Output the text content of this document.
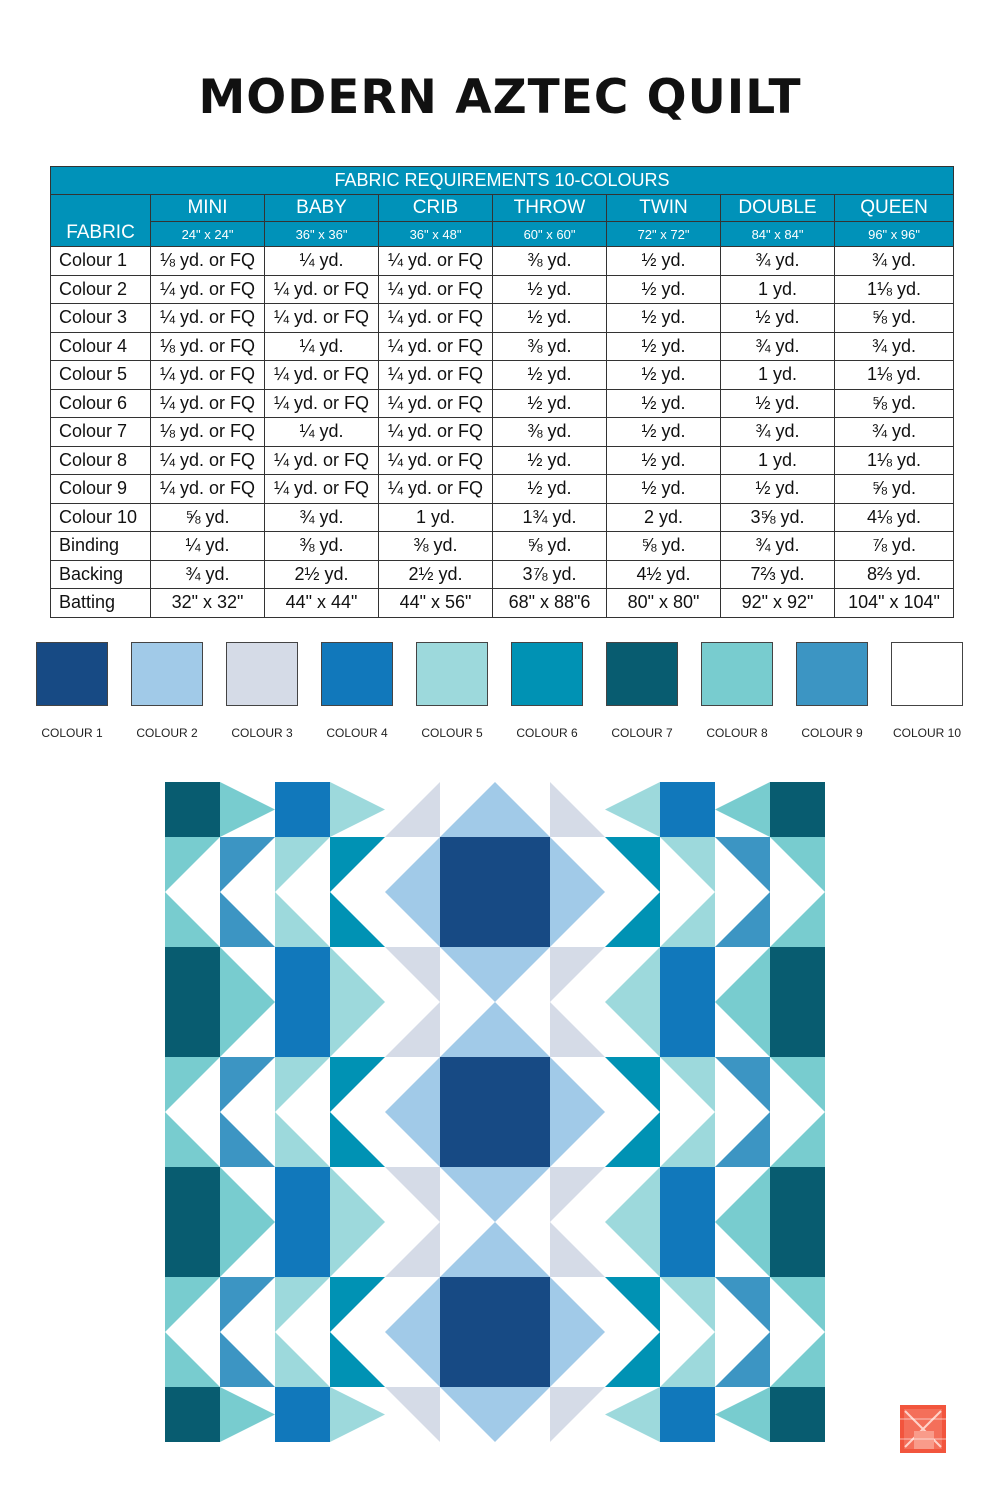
MODERN AZTEC QUILT
FABRIC REQUIREMENTS 10-COLOURS							
FABRIC	MINI	BABY	CRIB	THROW	TWIN	DOUBLE	QUEEN
	24" x 24"	36" x 36"	36" x 48"	60" x 60"	72" x 72"	84" x 84"	96" x 96"
Colour 1	⅛ yd. or FQ	¼ yd.	¼ yd. or FQ	⅜ yd.	½ yd.	¾ yd.	¾ yd.
Colour 2	¼ yd. or FQ	¼ yd. or FQ	¼ yd. or FQ	½ yd.	½ yd.	1 yd.	1⅛ yd.
Colour 3	¼ yd. or FQ	¼ yd. or FQ	¼ yd. or FQ	½ yd.	½ yd.	½ yd.	⅝ yd.
Colour 4	⅛ yd. or FQ	¼ yd.	¼ yd. or FQ	⅜ yd.	½ yd.	¾ yd.	¾ yd.
Colour 5	¼ yd. or FQ	¼ yd. or FQ	¼ yd. or FQ	½ yd.	½ yd.	1 yd.	1⅛ yd.
Colour 6	¼ yd. or FQ	¼ yd. or FQ	¼ yd. or FQ	½ yd.	½ yd.	½ yd.	⅝ yd.
Colour 7	⅛ yd. or FQ	¼ yd.	¼ yd. or FQ	⅜ yd.	½ yd.	¾ yd.	¾ yd.
Colour 8	¼ yd. or FQ	¼ yd. or FQ	¼ yd. or FQ	½ yd.	½ yd.	1 yd.	1⅛ yd.
Colour 9	¼ yd. or FQ	¼ yd. or FQ	¼ yd. or FQ	½ yd.	½ yd.	½ yd.	⅝ yd.
Colour 10	⅝ yd.	¾ yd.	1 yd.	1¾ yd.	2 yd.	3⅝ yd.	4⅛ yd.
Binding	¼ yd.	⅜ yd.	⅜ yd.	⅝ yd.	⅝ yd.	¾ yd.	⅞ yd.
Backing	¾ yd.	2½ yd.	2½ yd.	3⅞ yd.	4½ yd.	7⅔ yd.	8⅔ yd.
Batting	32" x 32"	44" x 44"	44" x 56"	68" x 88"6	80" x 80"	92" x 92"	104" x 104"
COLOUR 1	COLOUR 2	COLOUR 3	COLOUR 4	COLOUR 5	COLOUR 6	COLOUR 7	COLOUR 8	COLOUR 9	COLOUR 10
